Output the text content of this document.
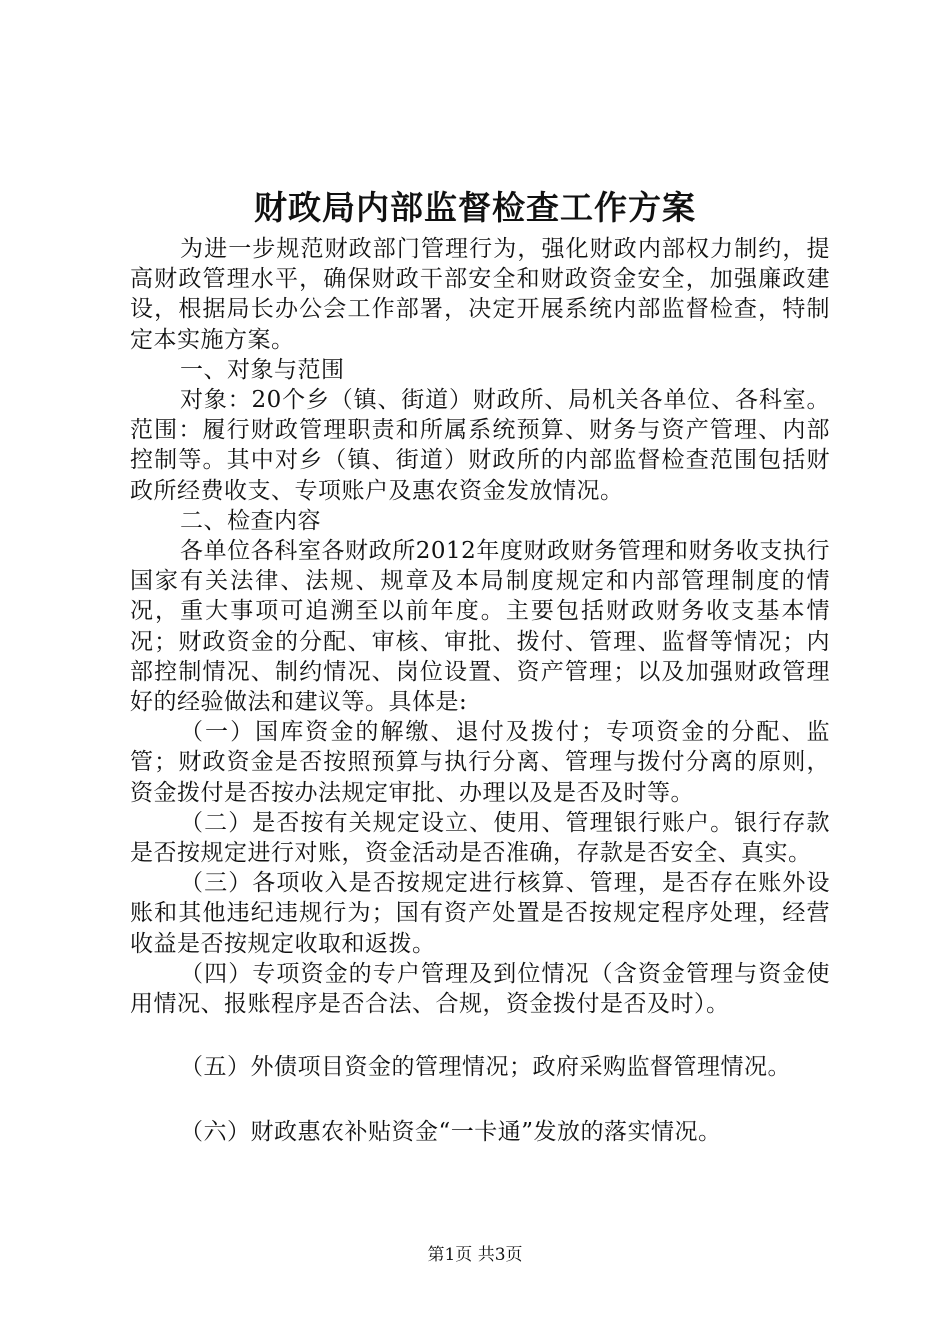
财政局内部监督检查工作方案

为进一步规范财政部门管理行为，强化财政内部权力制约，提高财政管理水平，确保财政干部安全和财政资金安全，加强廉政建设，根据局长办公会工作部署，决定开展系统内部监督检查，特制定本实施方案。

一、对象与范围

对象：20个乡（镇、街道）财政所、局机关各单位、各科室。范围：履行财政管理职责和所属系统预算、财务与资产管理、内部控制等。其中对乡（镇、街道）财政所的内部监督检查范围包括财政所经费收支、专项账户及惠农资金发放情况。

二、检查内容

各单位各科室各财政所2012年度财政财务管理和财务收支执行国家有关法律、法规、规章及本局制度规定和内部管理制度的情况，重大事项可追溯至以前年度。主要包括财政财务收支基本情况；财政资金的分配、审核、审批、拨付、管理、监督等情况；内部控制情况、制约情况、岗位设置、资产管理；以及加强财政管理好的经验做法和建议等。具体是:

（一）国库资金的解缴、退付及拨付；专项资金的分配、监管；财政资金是否按照预算与执行分离、管理与拨付分离的原则，资金拨付是否按办法规定审批、办理以及是否及时等。

（二）是否按有关规定设立、使用、管理银行账户。银行存款是否按规定进行对账，资金活动是否准确，存款是否安全、真实。

（三）各项收入是否按规定进行核算、管理，是否存在账外设账和其他违纪违规行为；国有资产处置是否按规定程序处理，经营收益是否按规定收取和返拨。

（四）专项资金的专户管理及到位情况（含资金管理与资金使用情况、报账程序是否合法、合规，资金拨付是否及时）。

（五）外债项目资金的管理情况；政府采购监督管理情况。

（六）财政惠农补贴资金“一卡通”发放的落实情况。

第1页 共3页
